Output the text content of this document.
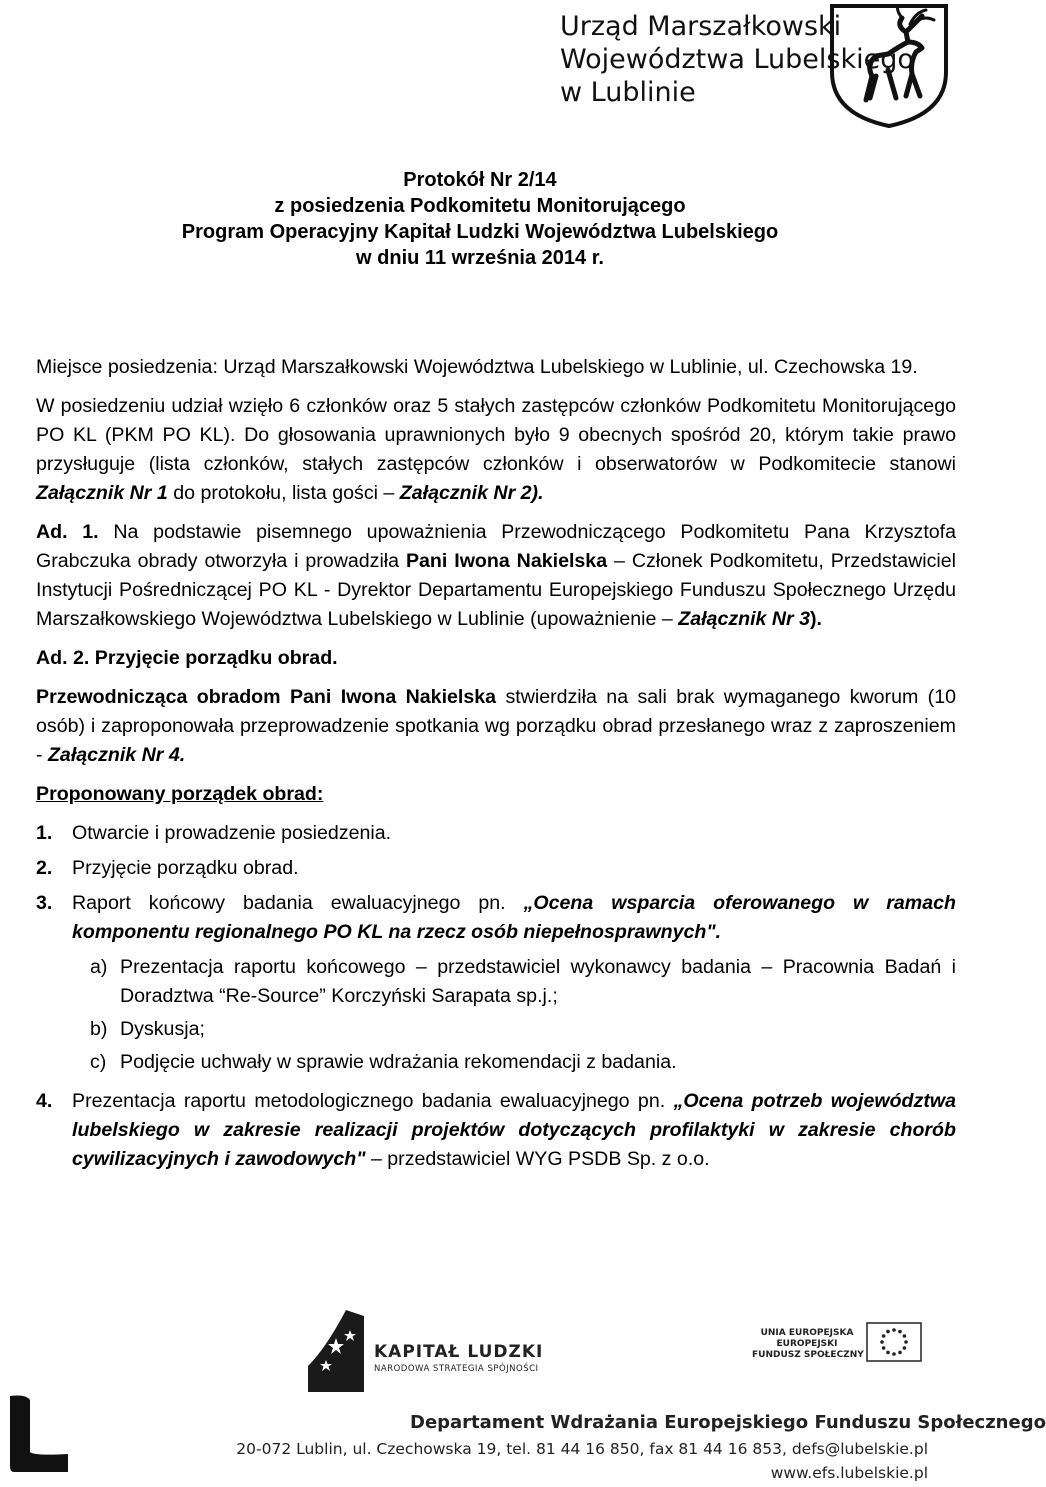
Urząd Marszałkowski
Województwa Lubelskiego
w Lublinie
Protokół Nr 2/14
z posiedzenia Podkomitetu Monitorującego
Program Operacyjny Kapitał Ludzki Województwa Lubelskiego
w dniu 11 września 2014 r.

Miejsce posiedzenia: Urząd Marszałkowski Województwa Lubelskiego w Lublinie, ul. Czechowska 19.

W posiedzeniu udział wzięło 6 członków oraz 5 stałych zastępców członków Podkomitetu Monitorującego PO KL (PKM PO KL). Do głosowania uprawnionych było 9 obecnych spośród 20, którym takie prawo przysługuje (lista członków, stałych zastępców członków i obserwatorów w Podkomitecie stanowi Załącznik Nr 1 do protokołu, lista gości – Załącznik Nr 2).

Ad. 1. Na podstawie pisemnego upoważnienia Przewodniczącego Podkomitetu Pana Krzysztofa Grabczuka obrady otworzyła i prowadziła Pani Iwona Nakielska – Członek Podkomitetu, Przedstawiciel Instytucji Pośredniczącej PO KL - Dyrektor Departamentu Europejskiego Funduszu Społecznego Urzędu Marszałkowskiego Województwa Lubelskiego w Lublinie (upoważnienie – Załącznik Nr 3).

Ad. 2. Przyjęcie porządku obrad.

Przewodnicząca obradom Pani Iwona Nakielska stwierdziła na sali brak wymaganego kworum (10 osób) i zaproponowała przeprowadzenie spotkania wg porządku obrad przesłanego wraz z zaproszeniem - Załącznik Nr 4.

Proponowany porządek obrad:

1. Otwarcie i prowadzenie posiedzenia.
2. Przyjęcie porządku obrad.
3. Raport końcowy badania ewaluacyjnego pn. „Ocena wsparcia oferowanego w ramach komponentu regionalnego PO KL na rzecz osób niepełnosprawnych".
a) Prezentacja raportu końcowego – przedstawiciel wykonawcy badania – Pracownia Badań i Doradztwa “Re-Source” Korczyński Sarapata sp.j.;
b) Dyskusja;
c) Podjęcie uchwały w sprawie wdrażania rekomendacji z badania.
4. Prezentacja raportu metodologicznego badania ewaluacyjnego pn. „Ocena potrzeb województwa lubelskiego w zakresie realizacji projektów dotyczących profilaktyki w zakresie chorób cywilizacyjnych i zawodowych" – przedstawiciel WYG PSDB Sp. z o.o.
KAPITAŁ LUDZKI
NARODOWA STRATEGIA SPÓJNOŚCI
UNIA EUROPEJSKA
EUROPEJSKI
FUNDUSZ SPOŁECZNY
Departament Wdrażania Europejskiego Funduszu Społecznego
20-072 Lublin, ul. Czechowska 19, tel. 81 44 16 850, fax 81 44 16 853, defs@lubelskie.pl
www.efs.lubelskie.pl
